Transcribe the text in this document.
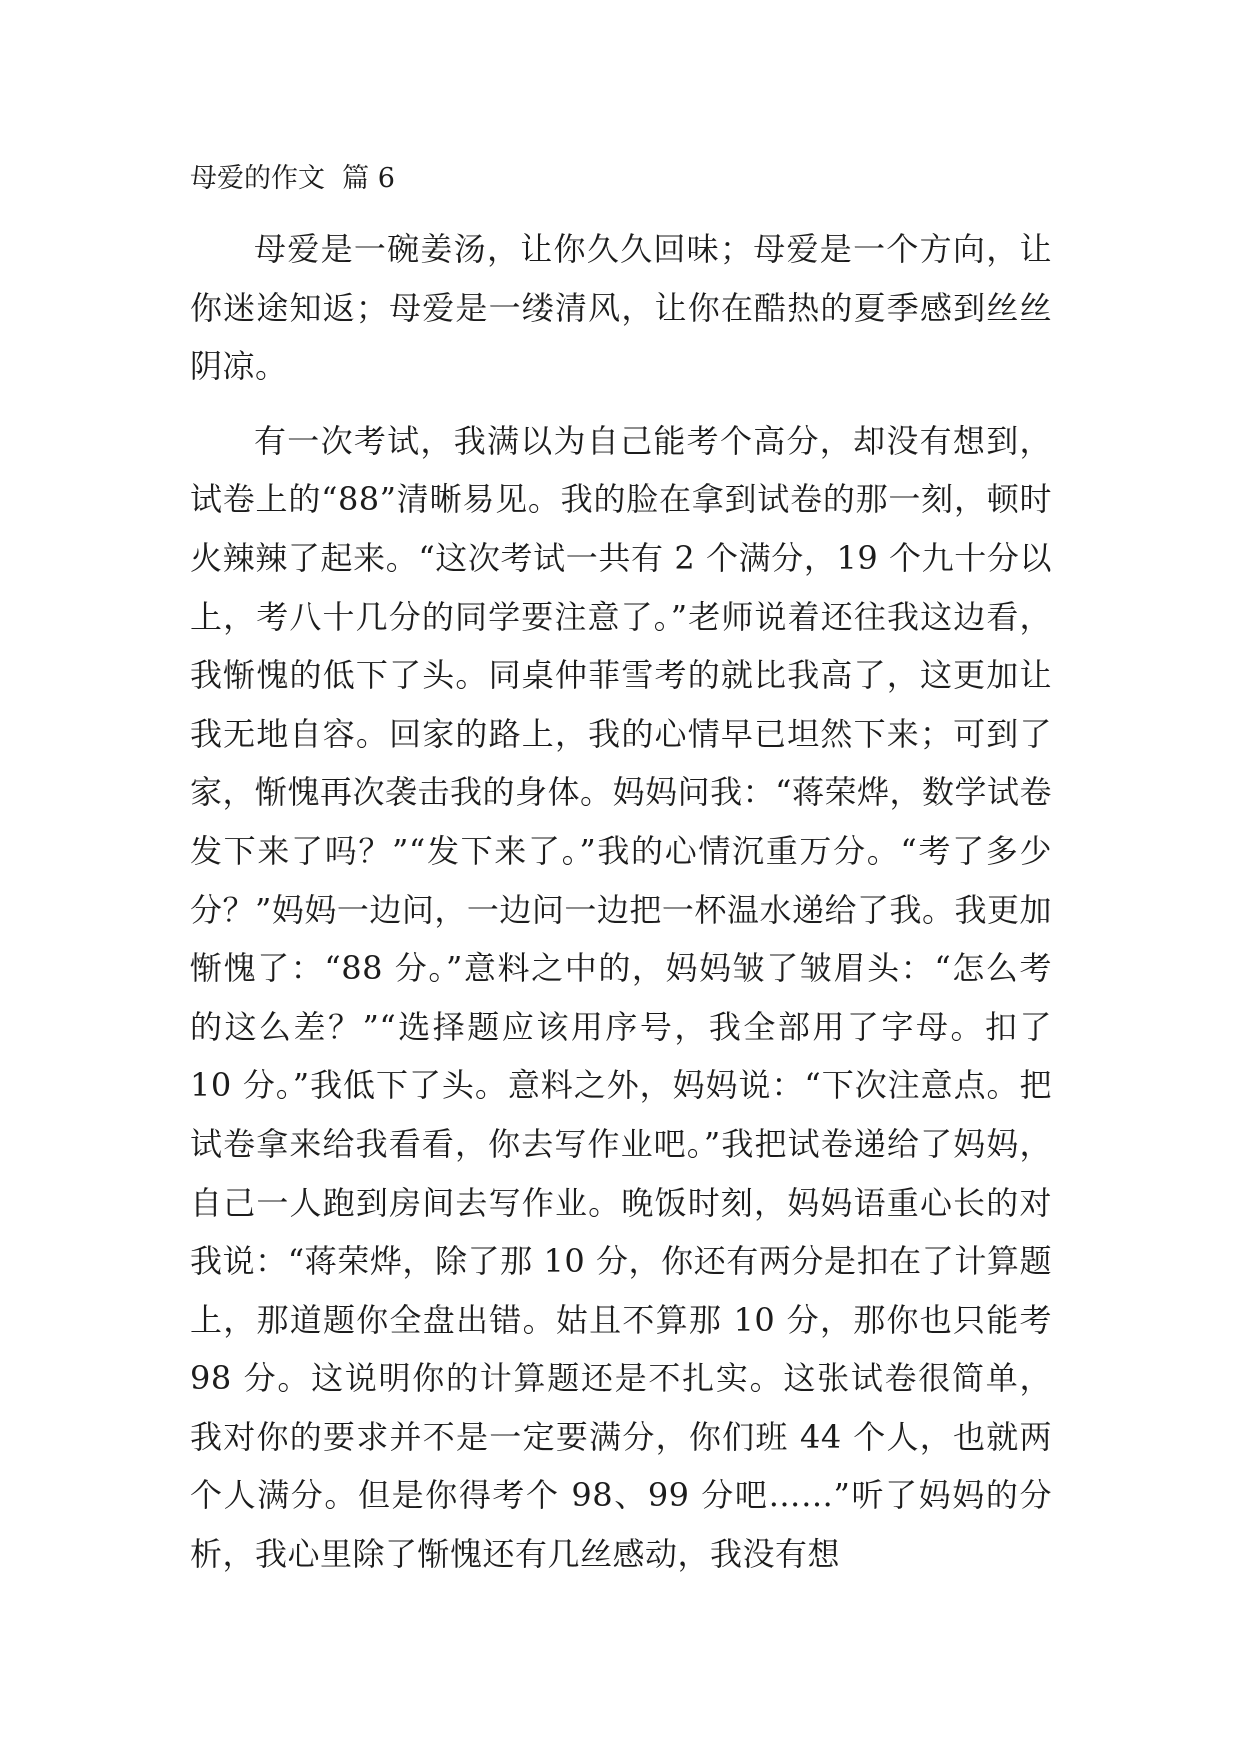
母爱的作文  篇 6

母爱是一碗姜汤，让你久久回味；母爱是一个方向，让你迷途知返；母爱是一缕清风，让你在酷热的夏季感到丝丝阴凉。

有一次考试，我满以为自己能考个高分，却没有想到，试卷上的“88”清晰易见。我的脸在拿到试卷的那一刻，顿时火辣辣了起来。“这次考试一共有 2 个满分，19 个九十分以上，考八十几分的同学要注意了。”老师说着还往我这边看，我惭愧的低下了头。同桌仲菲雪考的就比我高了，这更加让我无地自容。回家的路上，我的心情早已坦然下来；可到了家，惭愧再次袭击我的身体。妈妈问我：“蒋荣烨，数学试卷发下来了吗？”“发下来了。”我的心情沉重万分。“考了多少分？”妈妈一边问，一边问一边把一杯温水递给了我。我更加惭愧了：“88 分。”意料之中的，妈妈皱了皱眉头：“怎么考的这么差？”“选择题应该用序号，我全部用了字母。扣了 10 分。”我低下了头。意料之外，妈妈说：“下次注意点。把试卷拿来给我看看，你去写作业吧。”我把试卷递给了妈妈，自己一人跑到房间去写作业。晚饭时刻，妈妈语重心长的对我说：“蒋荣烨，除了那 10 分，你还有两分是扣在了计算题上，那道题你全盘出错。姑且不算那 10 分，那你也只能考 98 分。这说明你的计算题还是不扎实。这张试卷很简单，我对你的要求并不是一定要满分，你们班 44 个人，也就两个人满分。但是你得考个 98、99 分吧……”听了妈妈的分析，我心里除了惭愧还有几丝感动，我没有想
